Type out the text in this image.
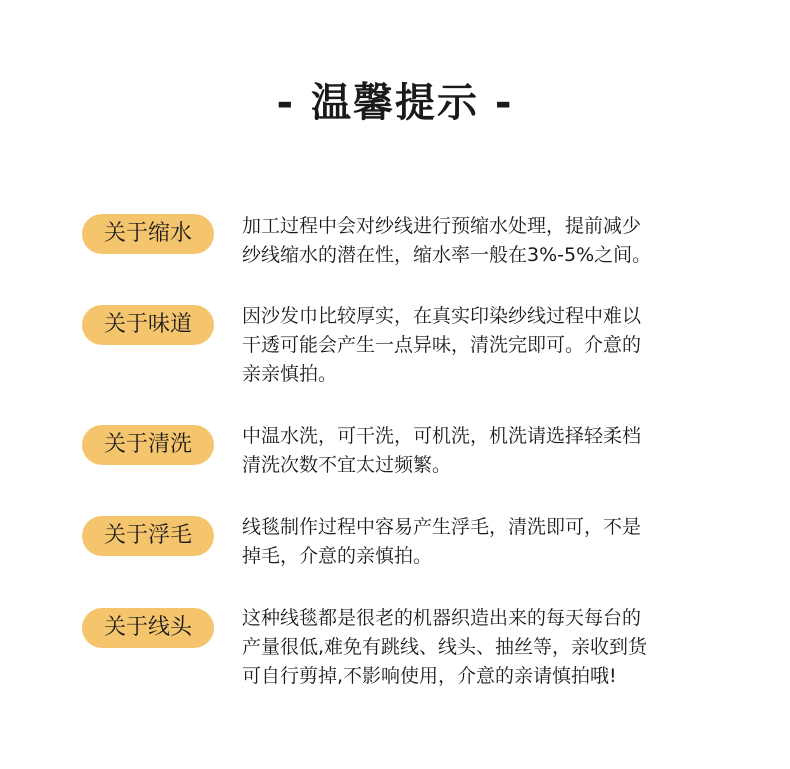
- 温馨提示 -
关于缩水	加工过程中会对纱线进行预缩水处理，提前减少
纱线缩水的潜在性，缩水率一般在3%-5%之间。
关于味道	因沙发巾比较厚实，在真实印染纱线过程中难以
干透可能会产生一点异味，清洗完即可。介意的
亲亲慎拍。
关于清洗	中温水洗，可干洗，可机洗，机洗请选择轻柔档
清洗次数不宜太过频繁。
关于浮毛	线毯制作过程中容易产生浮毛，清洗即可，不是
掉毛，介意的亲慎拍。
关于线头	这种线毯都是很老的机器织造出来的每天每台的
产量很低,难免有跳线、线头、抽丝等，亲收到货
可自行剪掉,不影响使用，介意的亲请慎拍哦!
